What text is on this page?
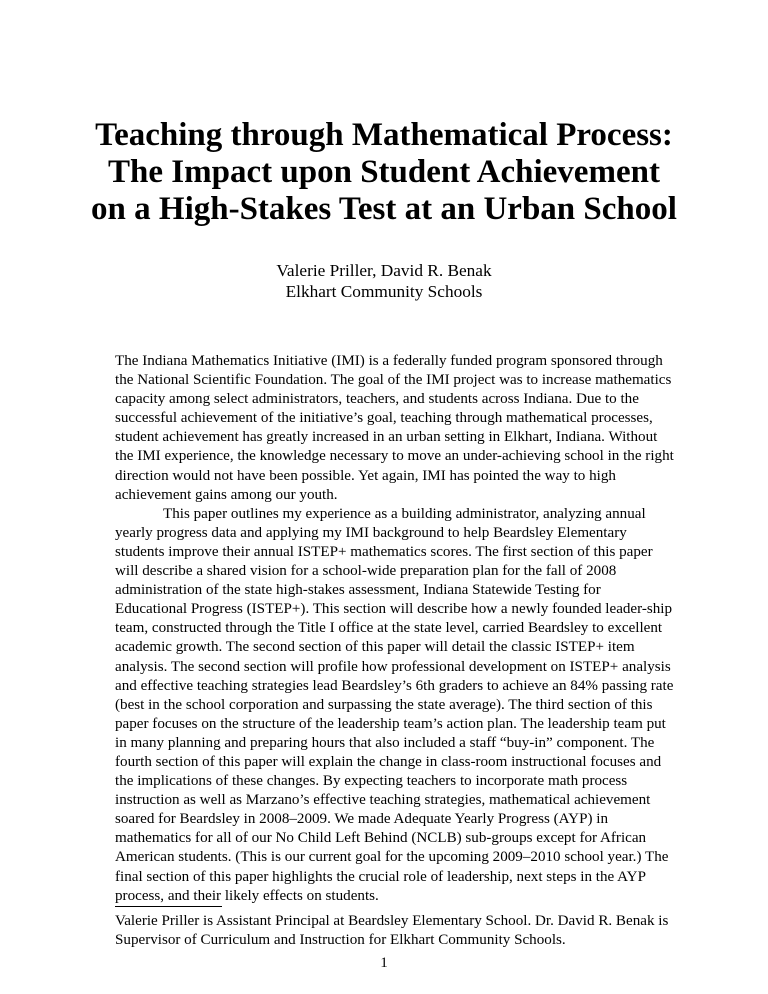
Teaching through Mathematical Process:
The Impact upon Student Achievement
on a High-Stakes Test at an Urban School
Valerie Priller, David R. Benak
Elkhart Community Schools

The Indiana Mathematics Initiative (IMI) is a federally funded program sponsored through the National Scientific Foundation. The goal of the IMI project was to increase mathematics capacity among select administrators, teachers, and students across Indiana. Due to the successful achievement of the initiative’s goal, teaching through mathematical processes, student achievement has greatly increased in an urban setting in Elkhart, Indiana. Without the IMI experience, the knowledge necessary to move an under-achieving school in the right direction would not have been possible. Yet again, IMI has pointed the way to high achievement gains among our youth.

This paper outlines my experience as a building administrator, analyzing annual yearly progress data and applying my IMI background to help Beardsley Elementary students improve their annual ISTEP+ mathematics scores. The first section of this paper will describe a shared vision for a school-wide preparation plan for the fall of 2008 administration of the state high-stakes assessment, Indiana Statewide Testing for Educational Progress (ISTEP+). This section will describe how a newly founded leader-ship team, constructed through the Title I office at the state level, carried Beardsley to excellent academic growth. The second section of this paper will detail the classic ISTEP+ item analysis. The second section will profile how professional development on ISTEP+ analysis and effective teaching strategies lead Beardsley’s 6th graders to achieve an 84% passing rate (best in the school corporation and surpassing the state average). The third section of this paper focuses on the structure of the leadership team’s action plan. The leadership team put in many planning and preparing hours that also included a staff “buy-in” component. The fourth section of this paper will explain the change in class-room instructional focuses and the implications of these changes. By expecting teachers to incorporate math process instruction as well as Marzano’s effective teaching strategies, mathematical achievement soared for Beardsley in 2008–2009. We made Adequate Yearly Progress (AYP) in mathematics for all of our No Child Left Behind (NCLB) sub-groups except for African American students. (This is our current goal for the upcoming 2009–2010 school year.) The final section of this paper highlights the crucial role of leadership, next steps in the AYP process, and their likely effects on students.

Valerie Priller is Assistant Principal at Beardsley Elementary School. Dr. David R. Benak is Supervisor of Curriculum and Instruction for Elkhart Community Schools.
1
